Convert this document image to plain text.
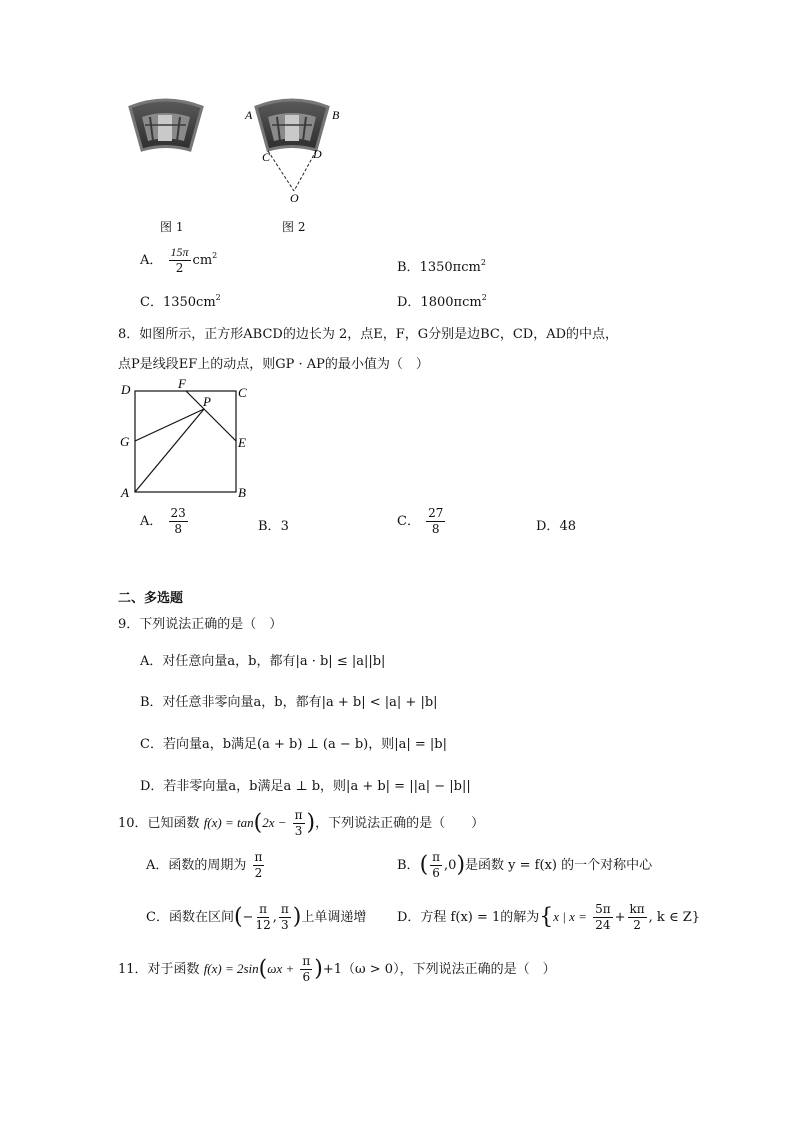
A	B
C	D
O
图 1	图 2
A． $\frac{15\pi}{2} cm^2$
B．1350πcm$^2$
C．$1350cm^2$	D．1800πcm$^2$
8．如图所示，正方形ABCD的边长为 2，点E，F，G分别是边BC，CD，AD的中点，
点P是线段EF上的动点，则GP · AP的最小值为（　）
D	F
P
C
G	E
A	B
A． $\frac{23}{8}$	B．3	C． $\frac{27}{8}$	D．48
二、多选题
9．下列说法正确的是（　）
A．对任意向量a，b，都有|a · b| ≤ |a||b|
B．对任意非零向量a，b，都有|a + b| < |a| + |b|
C．若向量a，b满足(a + b) ⊥ (a − b)，则|a| = |b|
D．若非零向量a，b满足a ⊥ b，则|a + b| = ||a| − |b||
10．已知函数 $f(x) = \tan(2x - \frac{\pi}{3}$ )，下列说法正确的是（　　）
A．函数的周期为 $\frac{\pi}{2}$	B．( $\frac{\pi}{6} ,0$)是函数 y = f(x) 的一个对称中心
C．函数在区间(− $\frac{\pi}{12}$ , $\frac{\pi}{3}$ )上单调递增 D．方程 f(x) = 1的解为{x | $x = \frac{5\pi}{24} + \frac{k\pi}{2}$ , k ∈ Z}
11．对于函数 $f(x) = 2\sin(\omega x + \frac{\pi}{6} )+1(\omega > 0)$，下列说法正确的是（　）
